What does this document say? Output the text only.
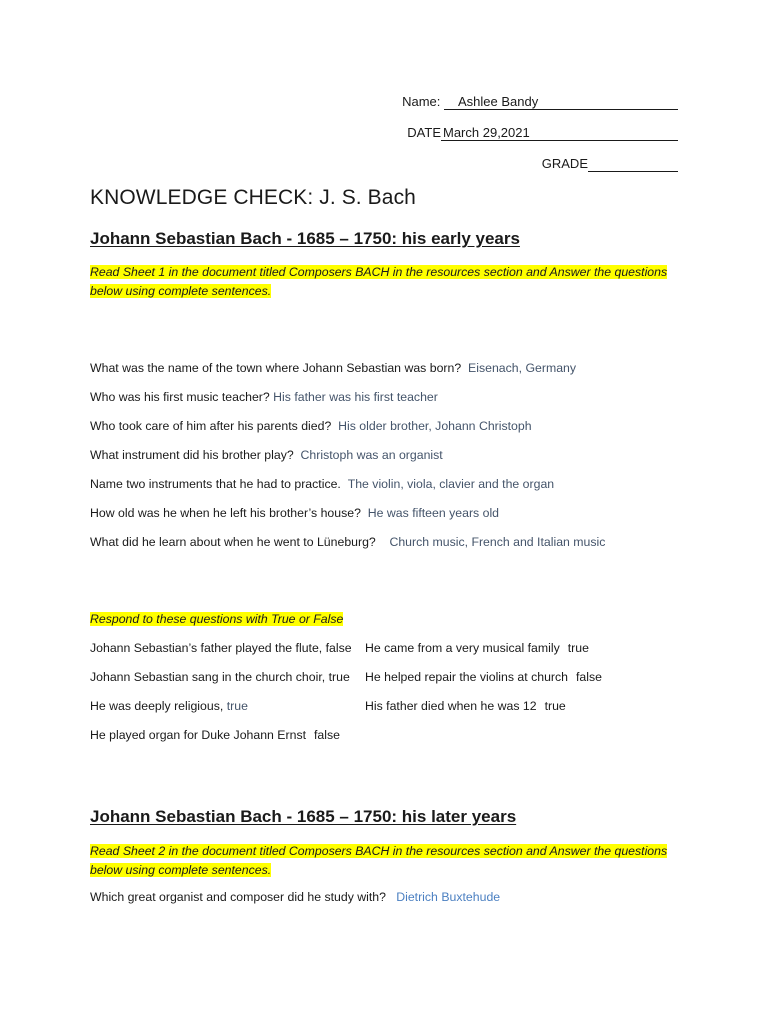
Name: Ashlee Bandy
DATE March 29,2021
GRADE
KNOWLEDGE CHECK: J. S. Bach
Johann Sebastian Bach - 1685 – 1750: his early years

Read Sheet 1 in the document titled Composers BACH in the resources section and Answer the questions below using complete sentences.

What was the name of the town where Johann Sebastian was born? Eisenach, Germany
Who was his first music teacher? His father was his first teacher
Who took care of him after his parents died? His older brother, Johann Christoph
What instrument did his brother play? Christoph was an organist
Name two instruments that he had to practice. The violin, viola, clavier and the organ
How old was he when he left his brother’s house? He was fifteen years old
What did he learn about when he went to Lüneburg? Church music, French and Italian music

Respond to these questions with True or False

Johann Sebastian’s father played the flute, false He came from a very musical family true
Johann Sebastian sang in the church choir, true He helped repair the violins at church false
He was deeply religious, true	His father died when he was 12 true
He played organ for Duke Johann Ernst false
Johann Sebastian Bach - 1685 – 1750: his later years

Read Sheet 2 in the document titled Composers BACH in the resources section and Answer the questions below using complete sentences.

Which great organist and composer did he study with? Dietrich Buxtehude
